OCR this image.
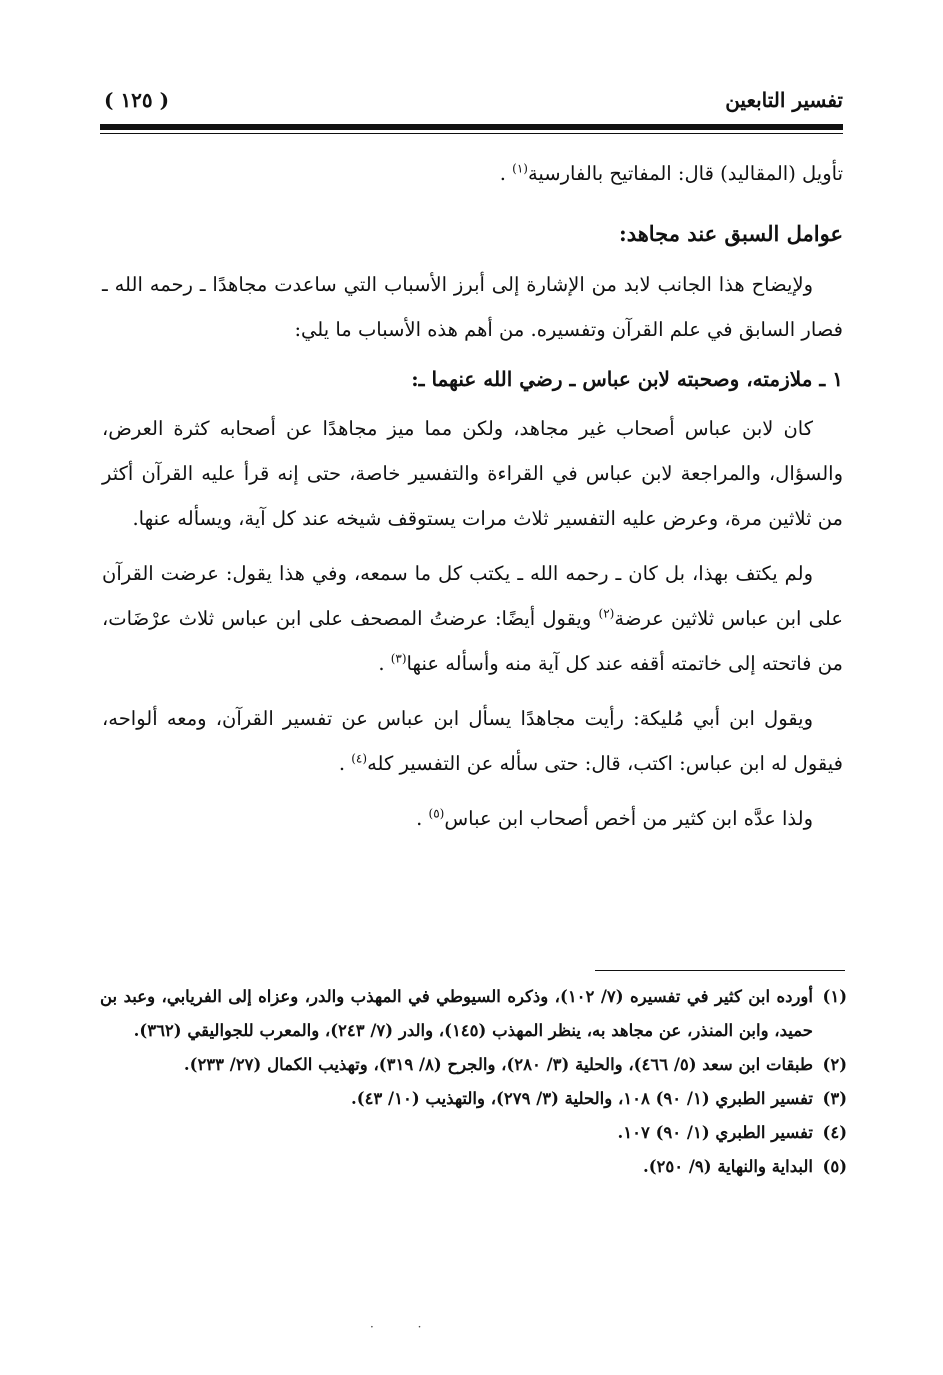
تفسير التابعين
( ١٢٥ )

تأويل (المقاليد) قال: المفاتيح بالفارسية$^{(١)}$ .

عوامل السبق عند مجاهد:

ولإيضاح هذا الجانب لابد من الإشارة إلى أبرز الأسباب التي ساعدت مجاهدًا ـ رحمه الله ـ فصار السابق في علم القرآن وتفسيره. من أهم هذه الأسباب ما يلي:

١ ـ ملازمته، وصحبته لابن عباس ـ رضي الله عنهما ـ:

كان لابن عباس أصحاب غير مجاهد، ولكن مما ميز مجاهدًا عن أصحابه كثرة العرض، والسؤال، والمراجعة لابن عباس في القراءة والتفسير خاصة، حتى إنه قرأ عليه القرآن أكثر من ثلاثين مرة، وعرض عليه التفسير ثلاث مرات يستوقف شيخه عند كل آية، ويسأله عنها.

ولم يكتف بهذا، بل كان ـ رحمه الله ـ يكتب كل ما سمعه، وفي هذا يقول: عرضت القرآن على ابن عباس ثلاثين عرضة$^{(٢)}$ ويقول أيضًا: عرضتُ المصحف على ابن عباس ثلاث عرْضَات، من فاتحته إلى خاتمته أقفه عند كل آية منه وأسأله عنها$^{(٣)}$ .

ويقول ابن أبي مُليكة: رأيت مجاهدًا يسأل ابن عباس عن تفسير القرآن، ومعه ألواحه، فيقول له ابن عباس: اكتب، قال: حتى سأله عن التفسير كله$^{(٤)}$ .

ولذا عدَّه ابن كثير من أخص أصحاب ابن عباس$^{(٥)}$ .

(١)
أورده ابن كثير في تفسيره (٧/ ١٠٢)، وذكره السيوطي في المهذب والدر، وعزاه إلى الفريابي، وعبد بن حميد، وابن المنذر، عن مجاهد به، ينظر المهذب (١٤٥)، والدر (٧/ ٢٤٣)، والمعرب للجواليقي (٣٦٢).
(٢)
طبقات ابن سعد (٥/ ٤٦٦)، والحلية (٣/ ٢٨٠)، والجرح (٨/ ٣١٩)، وتهذيب الكمال (٢٧/ ٢٣٣).
(٣)
تفسير الطبري (١/ ٩٠) ١٠٨، والحلية (٣/ ٢٧٩)، والتهذيب (١٠/ ٤٣).
(٤)
تفسير الطبري (١/ ٩٠) ١٠٧.
(٥)
البداية والنهاية (٩/ ٢٥٠).
· ·
